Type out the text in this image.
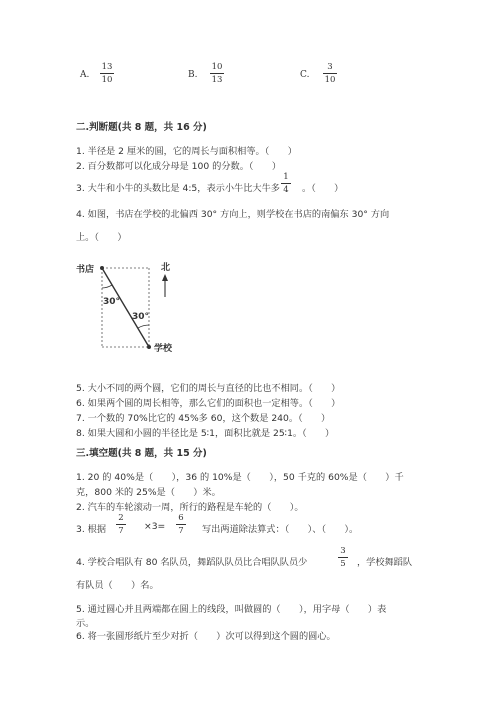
A.
13
10	B.
10
13	C.
3
10
二.判断题(共 8 题，共 16 分)
1. 半径是 2 厘米的圆，它的周长与面积相等。（　　）
2. 百分数都可以化成分母是 100 的分数。（　　）
3. 大牛和小牛的头数比是 4:5，表示小牛比大牛多
1
4 。（　　）
4. 如图，书店在学校的北偏西 30° 方向上，则学校在书店的南偏东 30° 方向
上。（　　）
书店	北
30°
30°
学校
5. 大小不同的两个圆，它们的周长与直径的比也不相同。（　　）
6. 如果两个圆的周长相等，那么它们的面积也一定相等。（　　）
7. 一个数的 70%比它的 45%多 60，这个数是 240。（　　）
8. 如果大圆和小圆的半径比是 5∶1，面积比就是 25∶1。（　　）
三.填空题(共 8 题，共 15 分)
1. 20 的 40%是（　　），36 的 10%是（　　），50 千克的 60%是（　　）千
克，800 米的 25%是（　　）米。
2. 汽车的车轮滚动一周，所行的路程是车轮的（　　）。
3. 根据
2
7 ×3=
6
7 写出两道除法算式：（　　）、（　　）。
4. 学校合唱队有 80 名队员，舞蹈队队员比合唱队队员少
3
5 ，学校舞蹈队
有队员（　　）名。
5. 通过圆心并且两端都在圆上的线段，叫做圆的（　　），用字母（　　）表
示。
6. 将一张圆形纸片至少对折（　　）次可以得到这个圆的圆心。
